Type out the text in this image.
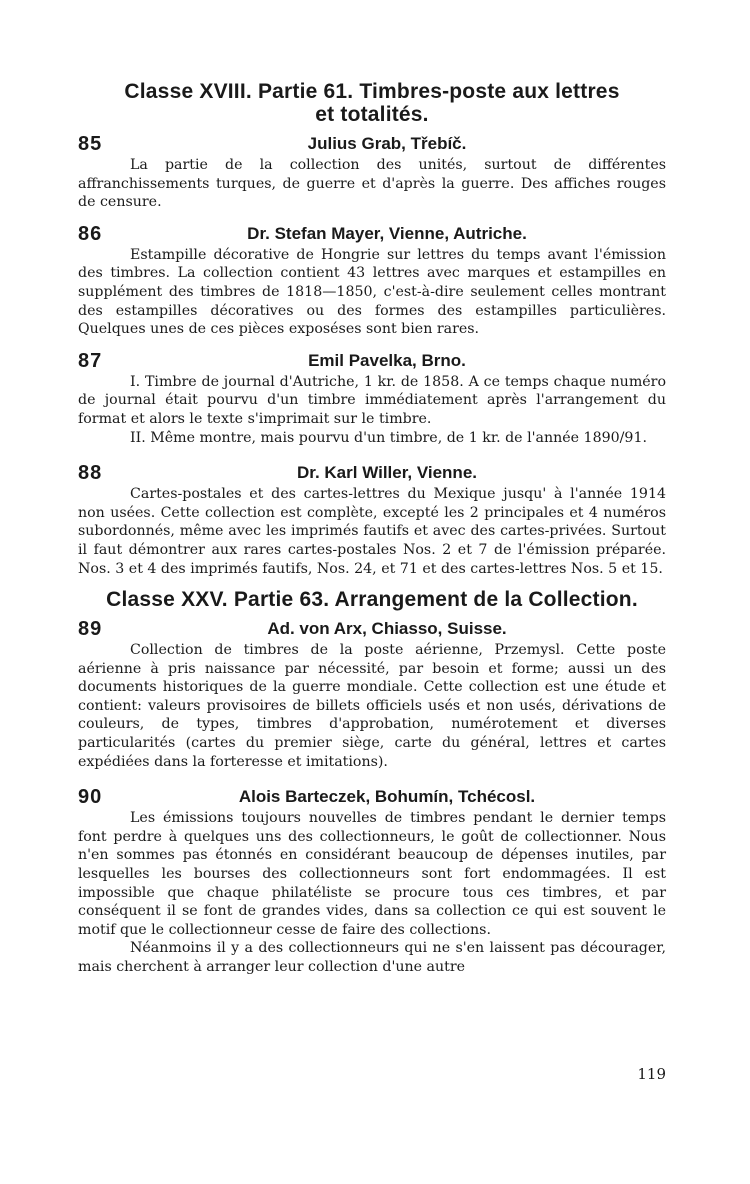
Classe XVIII. Partie 61. Timbres-poste aux lettres
et totalités.
85	Julius Grab, Třebíč.

La partie de la collection des unités, surtout de différentes affranchissements turques, de guerre et d'après la guerre. Des affiches rouges de censure.

86	Dr. Stefan Mayer, Vienne, Autriche.

Estampille décorative de Hongrie sur lettres du temps avant l'émission des timbres. La collection contient 43 lettres avec marques et estampilles en supplément des timbres de 1818—1850, c'est-à-dire seulement celles montrant des estampilles décoratives ou des formes des estampilles particulières. Quelques unes de ces pièces exposéses sont bien rares.

87	Emil Pavelka, Brno.

I. Timbre de journal d'Autriche, 1 kr. de 1858. A ce temps chaque numéro de journal était pourvu d'un timbre immédiatement après l'arrangement du format et alors le texte s'imprimait sur le timbre.

II. Même montre, mais pourvu d'un timbre, de 1 kr. de l'année 1890/91.

88	Dr. Karl Willer, Vienne.

Cartes-postales et des cartes-lettres du Mexique jusqu' à l'année 1914 non usées. Cette collection est complète, excepté les 2 principales et 4 numéros subordonnés, même avec les imprimés fautifs et avec des cartes-privées. Surtout il faut démontrer aux rares cartes-postales Nos. 2 et 7 de l'émission préparée. Nos. 3 et 4 des imprimés fautifs, Nos. 24, et 71 et des cartes-lettres Nos. 5 et 15.

Classe XXV. Partie 63. Arrangement de la Collection.
89	Ad. von Arx, Chiasso, Suisse.

Collection de timbres de la poste aérienne, Przemysl. Cette poste aérienne à pris naissance par nécessité, par besoin et forme; aussi un des documents historiques de la guerre mondiale. Cette collection est une étude et contient: valeurs provisoires de billets officiels usés et non usés, dérivations de couleurs, de types, timbres d'approbation, numérotement et diverses particularités (cartes du premier siège, carte du général, lettres et cartes expédiées dans la forteresse et imitations).

90	Alois Barteczek, Bohumín, Tchécosl.

Les émissions toujours nouvelles de timbres pendant le dernier temps font perdre à quelques uns des collectionneurs, le goût de collectionner. Nous n'en sommes pas étonnés en considérant beaucoup de dépenses inutiles, par lesquelles les bourses des collectionneurs sont fort endommagées. Il est impossible que chaque philatéliste se procure tous ces timbres, et par conséquent il se font de grandes vides, dans sa collection ce qui est souvent le motif que le collectionneur cesse de faire des collections.

Néanmoins il y a des collectionneurs qui ne s'en laissent pas décourager, mais cherchent à arranger leur collection d'une autre

119
